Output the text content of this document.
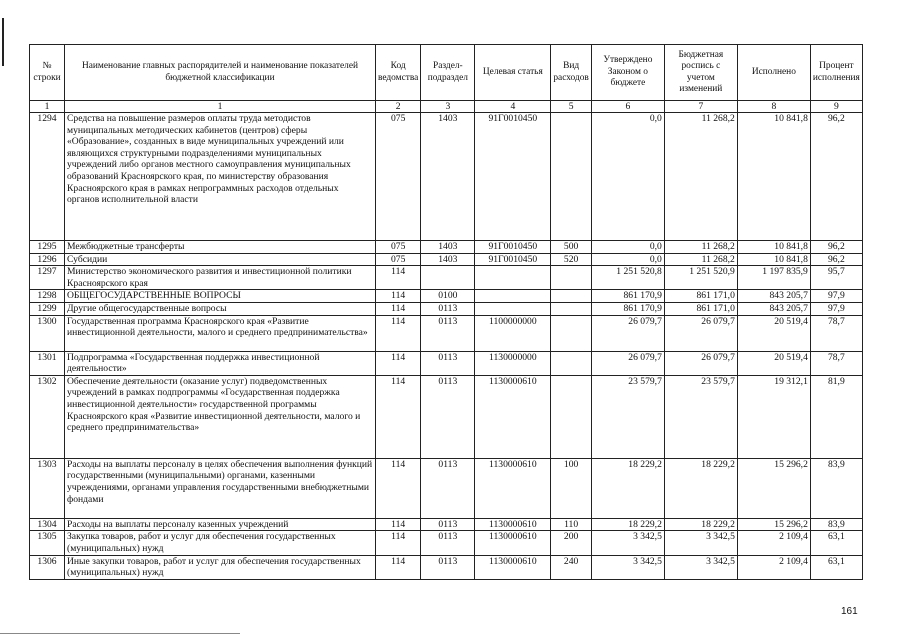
№ строки	Наименование главных распорядителей и наименование показателей бюджетной классификации	Код ведомства	Раздел- подраздел	Целевая статья	Вид расходов	Утверждено Законом о бюджете	Бюджетная роспись с учетом изменений	Исполнено	Процент исполнения
1	1	2	3	4	5	6	7	8	9
1294	Средства на повышение размеров оплаты труда методистов муниципальных методических кабинетов (центров) сферы «Образование», созданных в виде муниципальных учреждений или являющихся структурными подразделениями муниципальных учреждений либо органов местного самоуправления муниципальных образований Красноярского края, по министерству образования Красноярского края в рамках непрограммных расходов отдельных органов исполнительной власти	075	1403	91Г0010450		0,0	11 268,2	10 841,8	96,2
1295	Межбюджетные трансферты	075	1403	91Г0010450	500	0,0	11 268,2	10 841,8	96,2
1296	Субсидии	075	1403	91Г0010450	520	0,0	11 268,2	10 841,8	96,2
1297	Министерство экономического развития и инвестиционной политики Красноярского края	114				1 251 520,8	1 251 520,9	1 197 835,9	95,7
1298	ОБЩЕГОСУДАРСТВЕННЫЕ ВОПРОСЫ	114	0100			861 170,9	861 171,0	843 205,7	97,9
1299	Другие общегосударственные вопросы	114	0113			861 170,9	861 171,0	843 205,7	97,9
1300	Государственная программа Красноярского края «Развитие инвестиционной деятельности, малого и среднего предпринимательства»	114	0113	1100000000		26 079,7	26 079,7	20 519,4	78,7
1301	Подпрограмма «Государственная поддержка инвестиционной деятельности»	114	0113	1130000000		26 079,7	26 079,7	20 519,4	78,7
1302	Обеспечение деятельности (оказание услуг) подведомственных учреждений в рамках подпрограммы «Государственная поддержка инвестиционной деятельности» государственной программы Красноярского края «Развитие инвестиционной деятельности, малого и среднего предпринимательства»	114	0113	1130000610		23 579,7	23 579,7	19 312,1	81,9
1303	Расходы на выплаты персоналу в целях обеспечения выполнения функций государственными (муниципальными) органами, казенными учреждениями, органами управления государственными внебюджетными фондами	114	0113	1130000610	100	18 229,2	18 229,2	15 296,2	83,9
1304	Расходы на выплаты персоналу казенных учреждений	114	0113	1130000610	110	18 229,2	18 229,2	15 296,2	83,9
1305	Закупка товаров, работ и услуг для обеспечения государственных (муниципальных) нужд	114	0113	1130000610	200	3 342,5	3 342,5	2 109,4	63,1
1306	Иные закупки товаров, работ и услуг для обеспечения государственных (муниципальных) нужд	114	0113	1130000610	240	3 342,5	3 342,5	2 109,4	63,1
161
